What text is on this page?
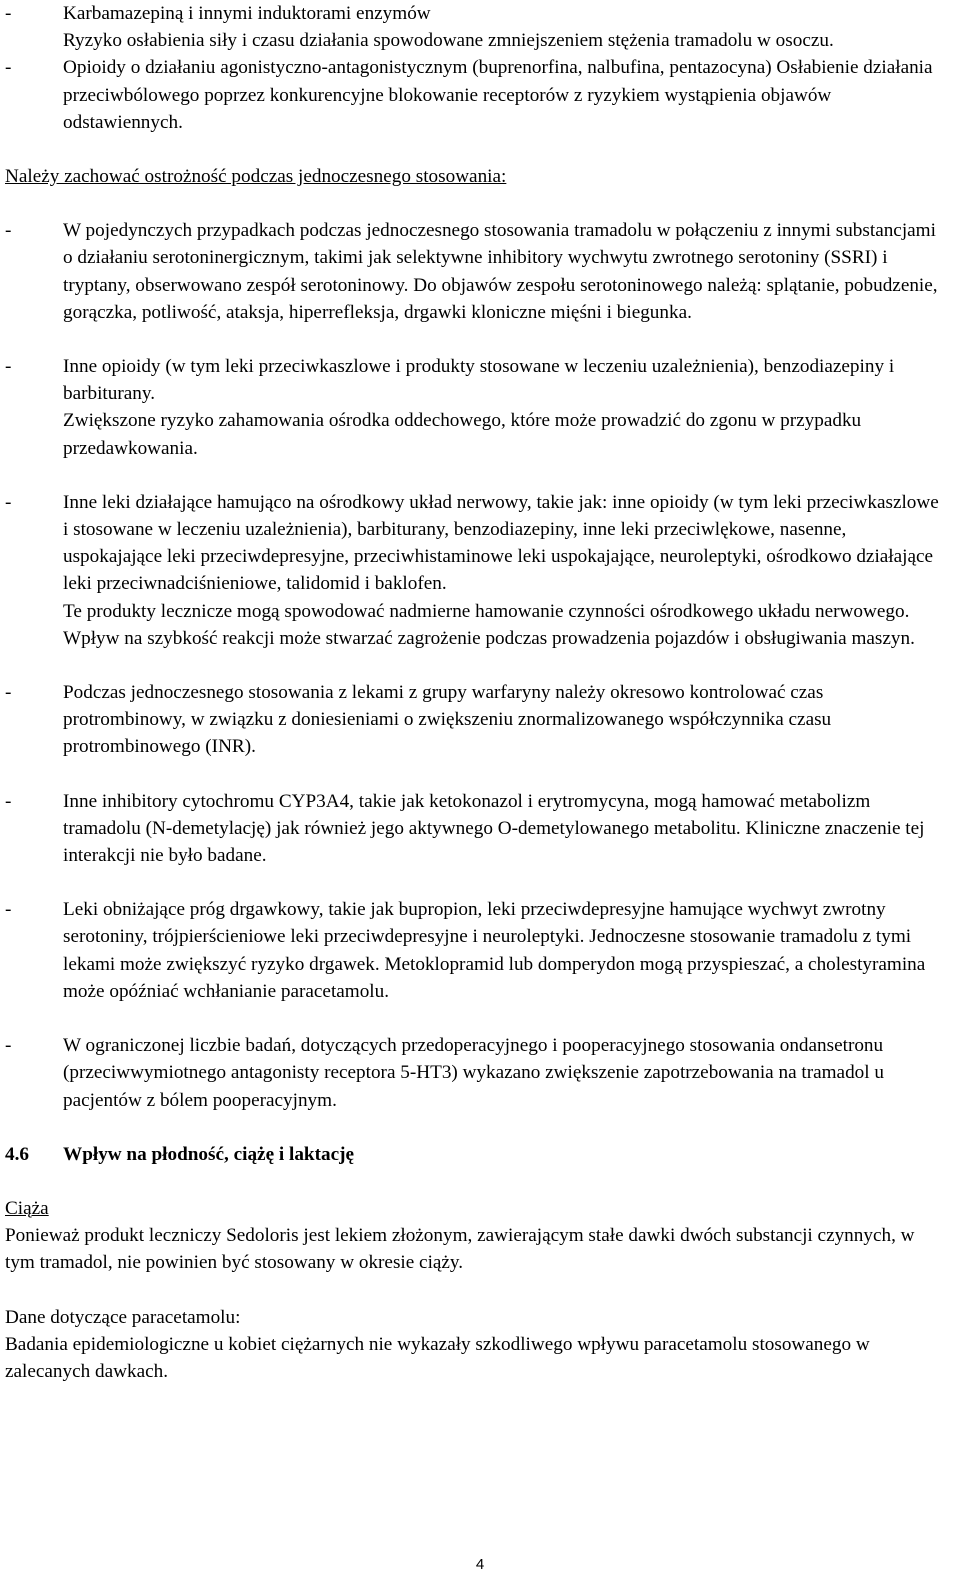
-	Karbamazepiną i innymi induktorami enzymów

Ryzyko osłabienia siły i czasu działania spowodowane zmniejszeniem stężenia tramadolu w osoczu.

-	Opioidy o działaniu agonistyczno-antagonistycznym (buprenorfina, nalbufina, pentazocyna) Osłabienie działania przeciwbólowego poprzez konkurencyjne blokowanie receptorów z ryzykiem wystąpienia objawów odstawiennych.

Należy zachować ostrożność podczas jednoczesnego stosowania:

-	W pojedynczych przypadkach podczas jednoczesnego stosowania tramadolu w połączeniu z innymi substancjami o działaniu serotoninergicznym, takimi jak selektywne inhibitory wychwytu zwrotnego serotoniny (SSRI) i tryptany, obserwowano zespół serotoninowy. Do objawów zespołu serotoninowego należą: splątanie, pobudzenie, gorączka, potliwość, ataksja, hiperrefleksja, drgawki kloniczne mięśni i biegunka.

-	Inne opioidy (w tym leki przeciwkaszlowe i produkty stosowane w leczeniu uzależnienia), benzodiazepiny i barbiturany.

Zwiększone ryzyko zahamowania ośrodka oddechowego, które może prowadzić do zgonu w przypadku przedawkowania.

-	Inne leki działające hamująco na ośrodkowy układ nerwowy, takie jak: inne opioidy (w tym leki przeciwkaszlowe i stosowane w leczeniu uzależnienia), barbiturany, benzodiazepiny, inne leki przeciwlękowe, nasenne, uspokajające leki przeciwdepresyjne, przeciwhistaminowe leki uspokajające, neuroleptyki, ośrodkowo działające leki przeciwnadciśnieniowe, talidomid i baklofen.

Te produkty lecznicze mogą spowodować nadmierne hamowanie czynności ośrodkowego układu nerwowego. Wpływ na szybkość reakcji może stwarzać zagrożenie podczas prowadzenia pojazdów i obsługiwania maszyn.

-	Podczas jednoczesnego stosowania z lekami z grupy warfaryny należy okresowo kontrolować czas protrombinowy, w związku z doniesieniami o zwiększeniu znormalizowanego współczynnika czasu protrombinowego (INR).

-	Inne inhibitory cytochromu CYP3A4, takie jak ketokonazol i erytromycyna, mogą hamować metabolizm tramadolu (N-demetylację) jak również jego aktywnego O-demetylowanego metabolitu. Kliniczne znaczenie tej interakcji nie było badane.

-	Leki obniżające próg drgawkowy, takie jak bupropion, leki przeciwdepresyjne hamujące wychwyt zwrotny serotoniny, trójpierścieniowe leki przeciwdepresyjne i neuroleptyki. Jednoczesne stosowanie tramadolu z tymi lekami może zwiększyć ryzyko drgawek. Metoklopramid lub domperydon mogą przyspieszać, a cholestyramina może opóźniać wchłanianie paracetamolu.

-	W ograniczonej liczbie badań, dotyczących przedoperacyjnego i pooperacyjnego stosowania ondansetronu (przeciwwymiotnego antagonisty receptora 5-HT3) wykazano zwiększenie zapotrzebowania na tramadol u pacjentów z bólem pooperacyjnym.

4.6 Wpływ na płodność, ciążę i laktację

Ciąża

Ponieważ produkt leczniczy Sedoloris jest lekiem złożonym, zawierającym stałe dawki dwóch substancji czynnych, w tym tramadol, nie powinien być stosowany w okresie ciąży.

Dane dotyczące paracetamolu:

Badania epidemiologiczne u kobiet ciężarnych nie wykazały szkodliwego wpływu paracetamolu stosowanego w zalecanych dawkach.

4
